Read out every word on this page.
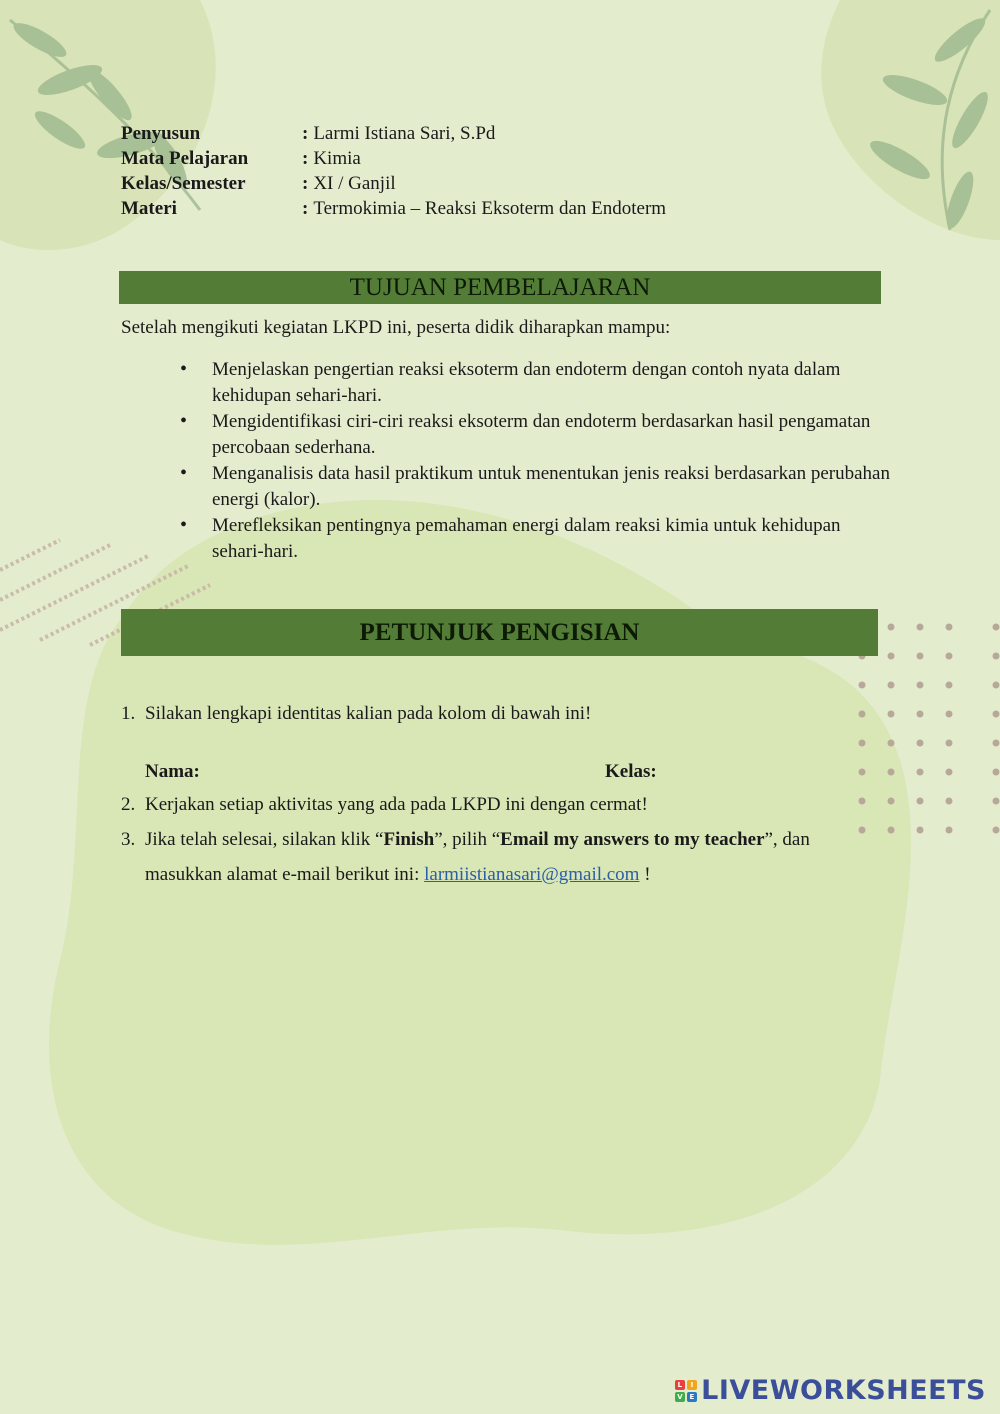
Penyusun	: Larmi Istiana Sari, S.Pd
Mata Pelajaran	: Kimia
Kelas/Semester	: XI / Ganjil
Materi	: Termokimia – Reaksi Eksoterm dan Endoterm
TUJUAN PEMBELAJARAN
Setelah mengikuti kegiatan LKPD ini, peserta didik diharapkan mampu:
• Menjelaskan pengertian reaksi eksoterm dan endoterm dengan contoh nyata dalam kehidupan sehari-hari.
• Mengidentifikasi ciri-ciri reaksi eksoterm dan endoterm berdasarkan hasil pengamatan percobaan sederhana.
• Menganalisis data hasil praktikum untuk menentukan jenis reaksi berdasarkan perubahan energi (kalor).
• Merefleksikan pentingnya pemahaman energi dalam reaksi kimia untuk kehidupan sehari-hari.
PETUNJUK PENGISIAN
1. Silakan lengkapi identitas kalian pada kolom di bawah ini!
Nama:	Kelas:
2. Kerjakan setiap aktivitas yang ada pada LKPD ini dengan cermat!
3. Jika telah selesai, silakan klik “Finish”, pilih “Email my answers to my teacher”, dan
masukkan alamat e-mail berikut ini: larmiistianasari@gmail.com !
L	I
V E LIVEWORKSHEETS
